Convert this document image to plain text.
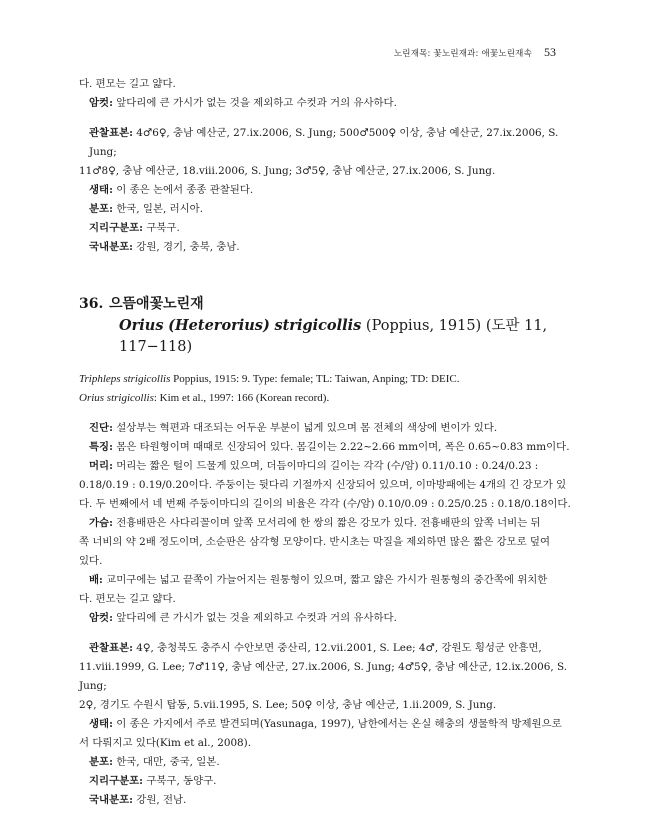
노린재목: 꽃노린재과: 애꽃노린재속 53

다. 편모는 길고 얇다.

암컷: 앞다리에 큰 가시가 없는 것을 제외하고 수컷과 거의 유사하다.

관찰표본: 4♂6♀, 충남 예산군, 27.ix.2006, S. Jung; 500♂500♀ 이상, 충남 예산군, 27.ix.2006, S. Jung;

11♂8♀, 충남 예산군, 18.viii.2006, S. Jung; 3♂5♀, 충남 예산군, 27.ix.2006, S. Jung.

생태: 이 종은 논에서 종종 관찰된다.

분포: 한국, 일본, 러시아.

지리구분포: 구북구.

국내분포: 강원, 경기, 충북, 충남.

36. 으뜸애꽃노린재
Orius (Heterorius) strigicollis (Poppius, 1915) (도판 11, 117−118)

Triphleps strigicollis Poppius, 1915: 9. Type: female; TL: Taiwan, Anping; TD: DEIC.

Orius strigicollis: Kim et al., 1997: 166 (Korean record).

진단: 설상부는 혁편과 대조되는 어두운 부분이 넓게 있으며 몸 전체의 색상에 변이가 있다.

특징: 몸은 타원형이며 때때로 신장되어 있다. 몸길이는 2.22~2.66 mm이며, 폭은 0.65~0.83 mm이다.

머리: 머리는 짧은 털이 드물게 있으며, 더듬이마디의 길이는 각각 (수/암) 0.11/0.10 : 0.24/0.23 :

0.18/0.19 : 0.19/0.20이다. 주둥이는 뒷다리 기절까지 신장되어 있으며, 이마방패에는 4개의 긴 강모가 있

다. 두 번째에서 네 번째 주둥이마디의 길이의 비율은 각각 (수/암) 0.10/0.09 : 0.25/0.25 : 0.18/0.18이다.

가슴: 전흉배판은 사다리꼴이며 앞쪽 모서리에 한 쌍의 짧은 강모가 있다. 전흉배판의 앞쪽 너비는 뒤

쪽 너비의 약 2배 정도이며, 소순판은 삼각형 모양이다. 반시초는 막질을 제외하면 많은 짧은 강모로 덮여

있다.

배: 교미구에는 넓고 끝쪽이 가늘어지는 원통형이 있으며, 짧고 얇은 가시가 원통형의 중간쪽에 위치한

다. 편모는 길고 얇다.

암컷: 앞다리에 큰 가시가 없는 것을 제외하고 수컷과 거의 유사하다.

관찰표본: 4♀, 충청북도 충주시 수안보면 중산리, 12.vii.2001, S. Lee; 4♂, 강원도 횡성군 안흥면,

11.viii.1999, G. Lee; 7♂11♀, 충남 예산군, 27.ix.2006, S. Jung; 4♂5♀, 충남 예산군, 12.ix.2006, S. Jung;

2♀, 경기도 수원시 탑동, 5.vii.1995, S. Lee; 50♀ 이상, 충남 예산군, 1.ii.2009, S. Jung.

생태: 이 종은 가지에서 주로 발견되며(Yasunaga, 1997), 남한에서는 온실 해충의 생물학적 방제원으로

서 다뤄지고 있다(Kim et al., 2008).

분포: 한국, 대만, 중국, 일본.

지리구분포: 구북구, 동양구.

국내분포: 강원, 전남.
